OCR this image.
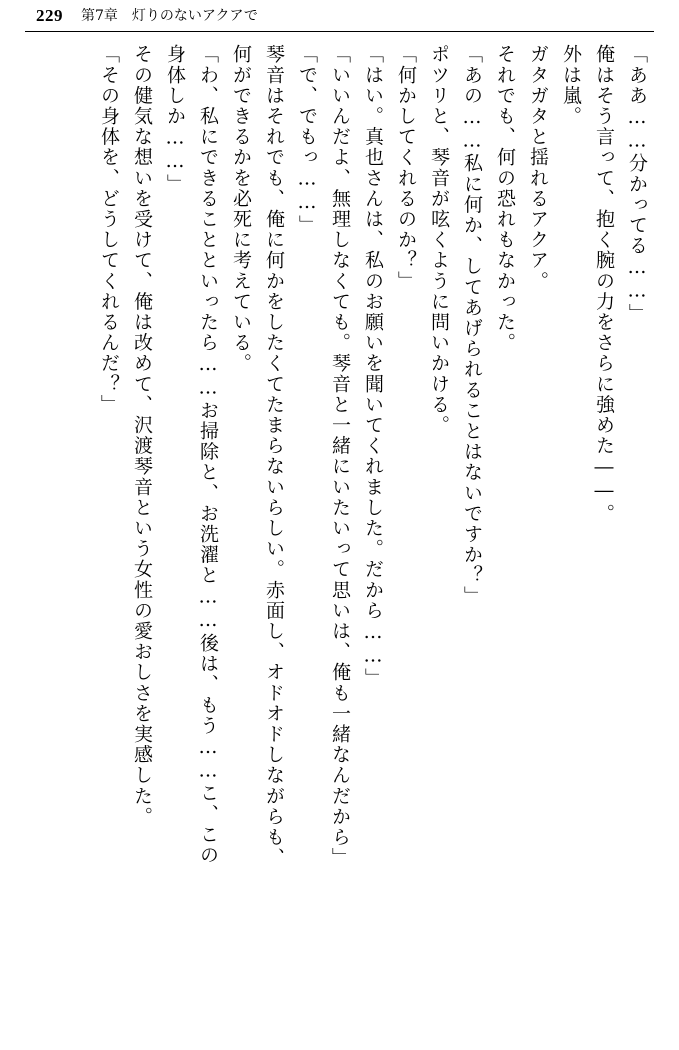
229 第7章　灯りのないアクアで

「ああ……分かってる……」

俺はそう言って、抱く腕の力をさらに強めた――。

外は嵐。

ガタガタと揺れるアクア。

それでも、何の恐れもなかった。

「あの……私に何か、してあげられることはないですか？」

ポツリと、琴音が呟くように問いかける。

「何かしてくれるのか？」

「はい。真也さんは、私のお願いを聞いてくれました。だから……」

「いいんだよ、無理しなくても。琴音と一緒にいたいって思いは、俺も一緒なんだから」

「で、でもっ……」

琴音はそれでも、俺に何かをしたくてたまらないらしい。赤面し、オドオドしながらも、

何ができるかを必死に考えている。

「わ、私にできることといったら……お掃除と、お洗濯と……後は、もう……こ、この

身体しか……」

その健気な想いを受けて、俺は改めて、沢渡琴音という女性の愛おしさを実感した。

「その身体を、どうしてくれるんだ？」
